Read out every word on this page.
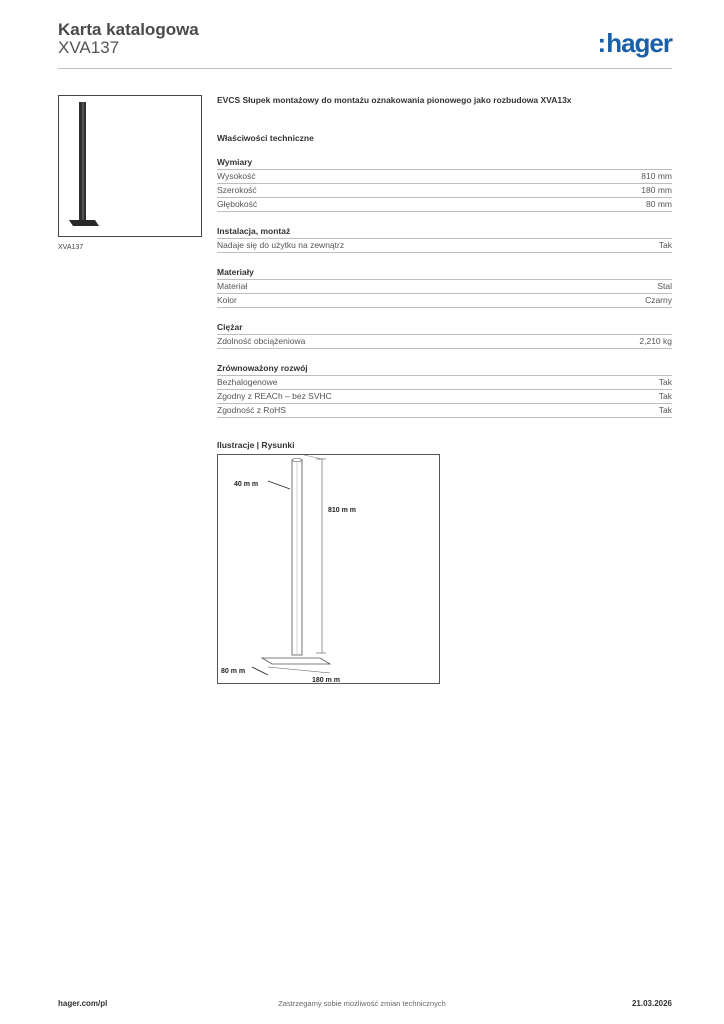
Karta katalogowa
XVA137	:hager
XVA137
EVCS Słupek montażowy do montażu oznakowania pionowego jako rozbudowa XVA13x
Właściwości techniczne
Wymiary
Wysokość	810 mm
Szerokość	180 mm
Głębokość	80 mm
Instalacja, montaż
Nadaje się do użytku na zewnątrz	Tak
Materiały
Materiał	Stal
Kolor	Czarny
Ciężar
Zdolność obciążeniowa	2,210 kg
Zrównoważony rozwój
Bezhalogenowe	Tak
Zgodny z REACh – bez SVHC	Tak
Zgodność z RoHS	Tak
Ilustracje | Rysunki
40 m m
810 m m
80 m m
180 m m
hager.com/pl	Zastrzegamy sobie możliwość zmian technicznych	21.03.2026
